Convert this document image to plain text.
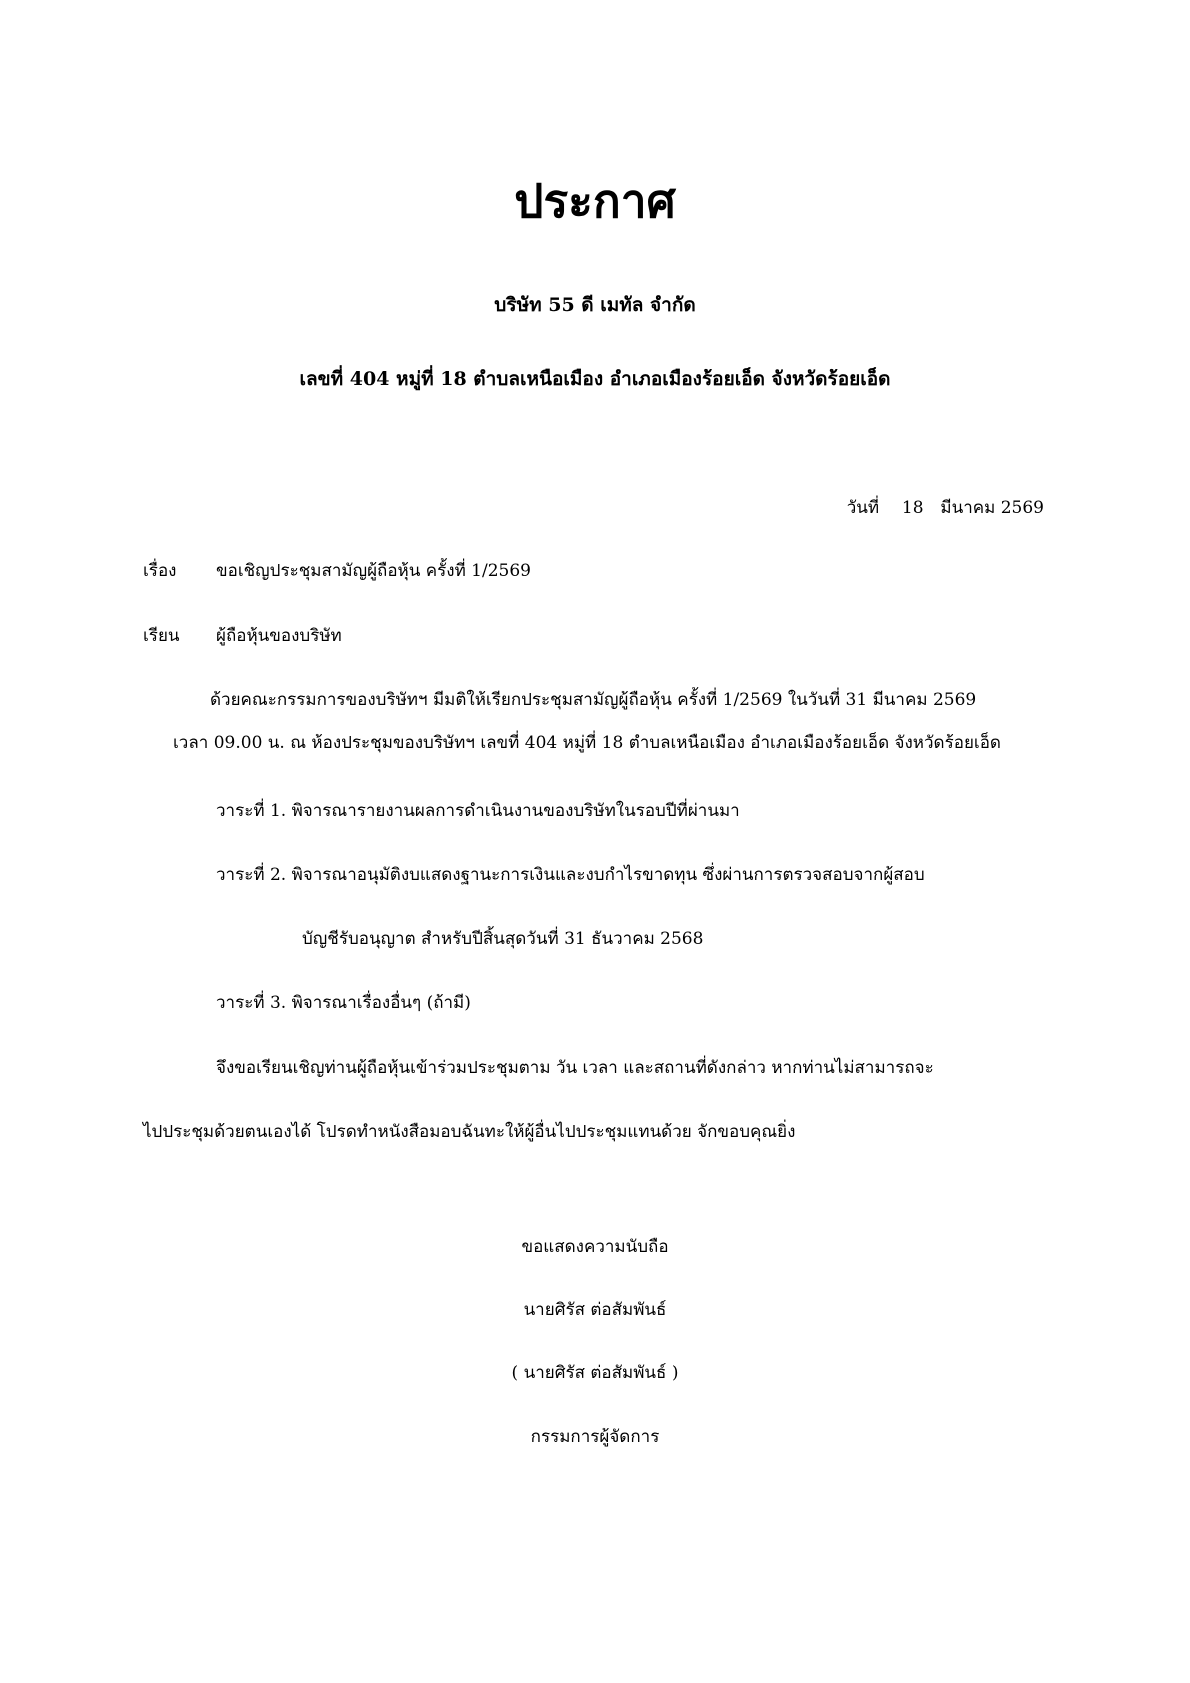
ประกาศ
บริษัท 55 ดี เมทัล จำกัด
เลขที่ 404 หมู่ที่ 18 ตำบลเหนือเมือง อำเภอเมืองร้อยเอ็ด จังหวัดร้อยเอ็ด
วันที่ 18 มีนาคม 2569
เรื่อง ขอเชิญประชุมสามัญผู้ถือหุ้น ครั้งที่ 1/2569
เรียน ผู้ถือหุ้นของบริษัท
ด้วยคณะกรรมการของบริษัทฯ มีมติให้เรียกประชุมสามัญผู้ถือหุ้น ครั้งที่ 1/2569 ในวันที่ 31 มีนาคม 2569
เวลา 09.00 น. ณ ห้องประชุมของบริษัทฯ เลขที่ 404 หมู่ที่ 18 ตำบลเหนือเมือง อำเภอเมืองร้อยเอ็ด จังหวัดร้อยเอ็ด
วาระที่ 1. พิจารณารายงานผลการดำเนินงานของบริษัทในรอบปีที่ผ่านมา
วาระที่ 2. พิจารณาอนุมัติงบแสดงฐานะการเงินและงบกำไรขาดทุน ซึ่งผ่านการตรวจสอบจากผู้สอบ
บัญชีรับอนุญาต สำหรับปีสิ้นสุดวันที่ 31 ธันวาคม 2568
วาระที่ 3. พิจารณาเรื่องอื่นๆ (ถ้ามี)
จึงขอเรียนเชิญท่านผู้ถือหุ้นเข้าร่วมประชุมตาม วัน เวลา และสถานที่ดังกล่าว หากท่านไม่สามารถจะ
ไปประชุมด้วยตนเองได้ โปรดทำหนังสือมอบฉันทะให้ผู้อื่นไปประชุมแทนด้วย จักขอบคุณยิ่ง
ขอแสดงความนับถือ
นายศิรัส ต่อสัมพันธ์
( นายศิรัส ต่อสัมพันธ์ )
กรรมการผู้จัดการ
